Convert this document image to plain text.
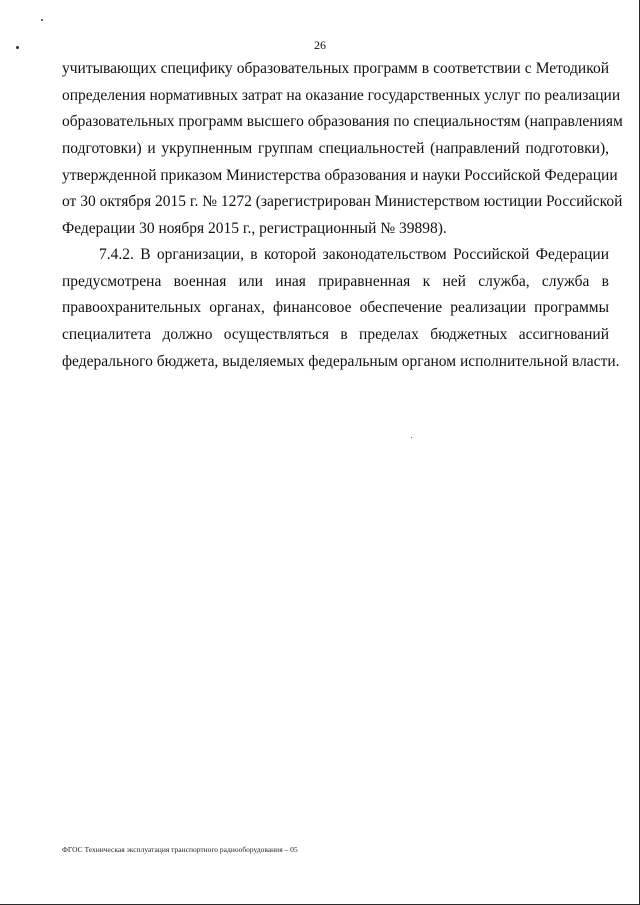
26
учитывающих специфику образовательных программ в соответствии с Методикой
определения нормативных затрат на оказание государственных услуг по реализации
образовательных программ высшего образования по специальностям (направлениям
подготовки) и укрупненным группам специальностей (направлений подготовки),
утвержденной приказом Министерства образования и науки Российской Федерации
от 30 октября 2015 г. № 1272 (зарегистрирован Министерством юстиции Российской
Федерации 30 ноября 2015 г., регистрационный № 39898).
7.4.2. В организации, в которой законодательством Российской Федерации
предусмотрена военная или иная приравненная к ней служба, служба в
правоохранительных органах, финансовое обеспечение реализации программы
специалитета должно осуществляться в пределах бюджетных ассигнований
федерального бюджета, выделяемых федеральным органом исполнительной власти.
ФГОС Техническая эксплуатация транспортного радиооборудования – 05
